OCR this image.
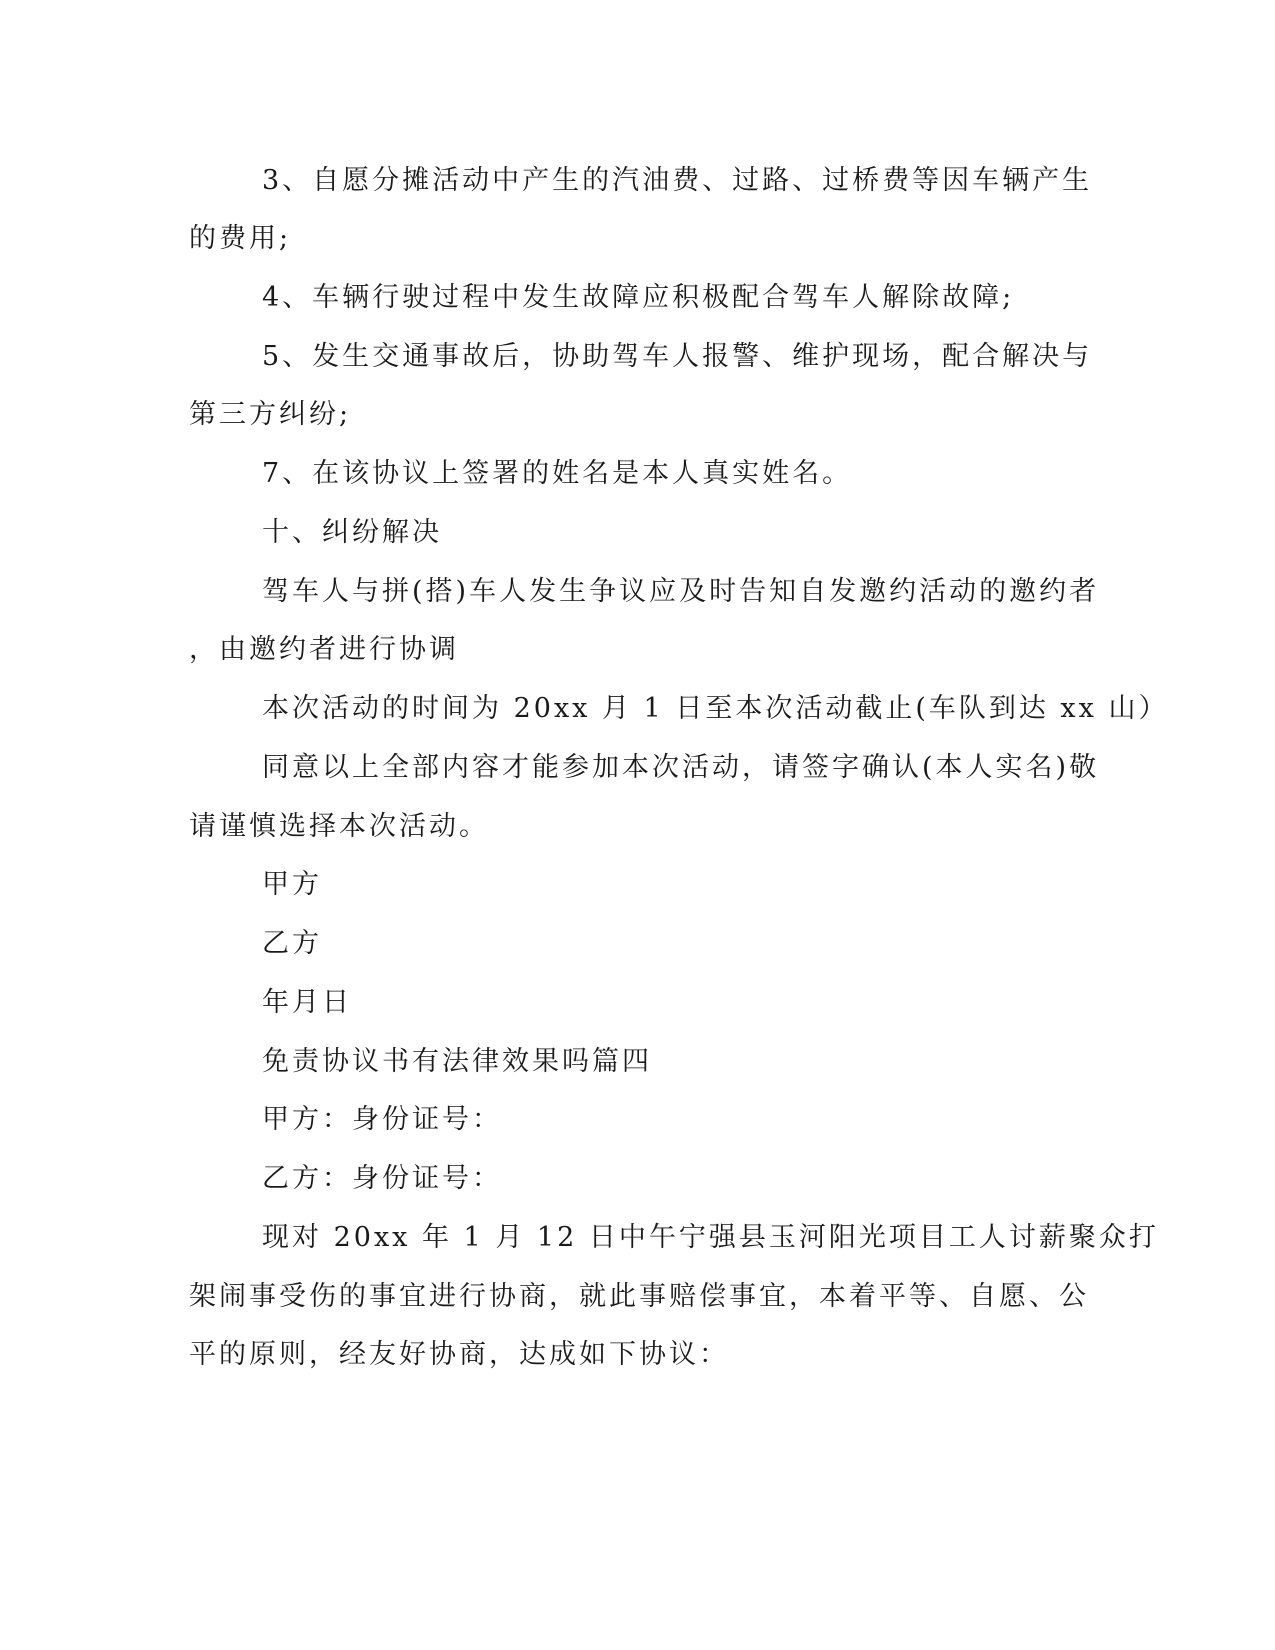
3、自愿分摊活动中产生的汽油费、过路、过桥费等因车辆产生

的费用;

4、车辆行驶过程中发生故障应积极配合驾车人解除故障;

5、发生交通事故后，协助驾车人报警、维护现场，配合解决与

第三方纠纷;

7、在该协议上签署的姓名是本人真实姓名。

十、纠纷解决

驾车人与拼(搭)车人发生争议应及时告知自发邀约活动的邀约者

，由邀约者进行协调

本次活动的时间为 20xx 月 1 日至本次活动截止(车队到达 xx 山）

同意以上全部内容才能参加本次活动，请签字确认(本人实名)敬

请谨慎选择本次活动。

甲方

乙方

年月日

免责协议书有法律效果吗篇四

甲方：身份证号：

乙方：身份证号：

现对 20xx 年 1 月 12 日中午宁强县玉河阳光项目工人讨薪聚众打

架闹事受伤的事宜进行协商，就此事赔偿事宜，本着平等、自愿、公

平的原则，经友好协商，达成如下协议：
